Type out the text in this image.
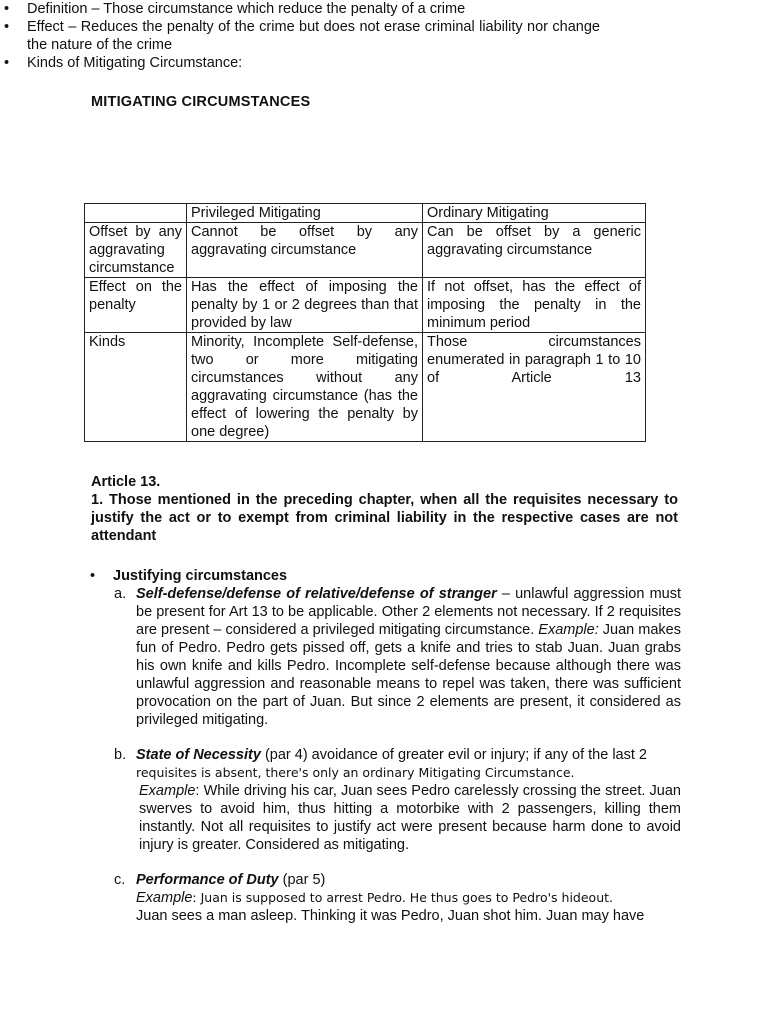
MITIGATING CIRCUMSTANCES
• Definition – Those circumstance which reduce the penalty of a crime
• Effect – Reduces the penalty of the crime but does not erase criminal liability nor change the nature of the crime
• Kinds of Mitigating Circumstance:
	Privileged Mitigating	Ordinary Mitigating
Offset by any aggravating circumstance	Cannot be offset by any aggravating circumstance	Can be offset by a generic aggravating circumstance
Effect on the penalty	Has the effect of imposing the penalty by 1 or 2 degrees than that provided by law	If not offset, has the effect of imposing the penalty in the minimum period
Kinds	Minority, Incomplete Self-defense, two or more mitigating circumstances without any aggravating circumstance (has the effect of lowering the penalty by one degree)	Those circumstances enumerated in paragraph 1 to 10 of Article 13
Article 13.
1. Those mentioned in the preceding chapter, when all the requisites necessary to justify the act or to exempt from criminal liability in the respective cases are not attendant
• Justifying circumstances
a. Self-defense/defense of relative/defense of stranger – unlawful aggression must be present for Art 13 to be applicable. Other 2 elements not necessary. If 2 requisites are present – considered a privileged mitigating circumstance. Example: Juan makes fun of Pedro. Pedro gets pissed off, gets a knife and tries to stab Juan. Juan grabs his own knife and kills Pedro. Incomplete self-defense because although there was unlawful aggression and reasonable means to repel was taken, there was sufficient provocation on the part of Juan. But since 2 elements are present, it considered as privileged mitigating.

b. State of Necessity (par 4) avoidance of greater evil or injury; if any of the last 2

requisites is absent, there's only an ordinary Mitigating Circumstance.

Example: While driving his car, Juan sees Pedro carelessly crossing the street. Juan swerves to avoid him, thus hitting a motorbike with 2 passengers, killing them instantly. Not all requisites to justify act were present because harm done to avoid injury is greater. Considered as mitigating.

c. Performance of Duty (par 5)

Example: Juan is supposed to arrest Pedro. He thus goes to Pedro's hideout.

Juan sees a man asleep. Thinking it was Pedro, Juan shot him. Juan may have
